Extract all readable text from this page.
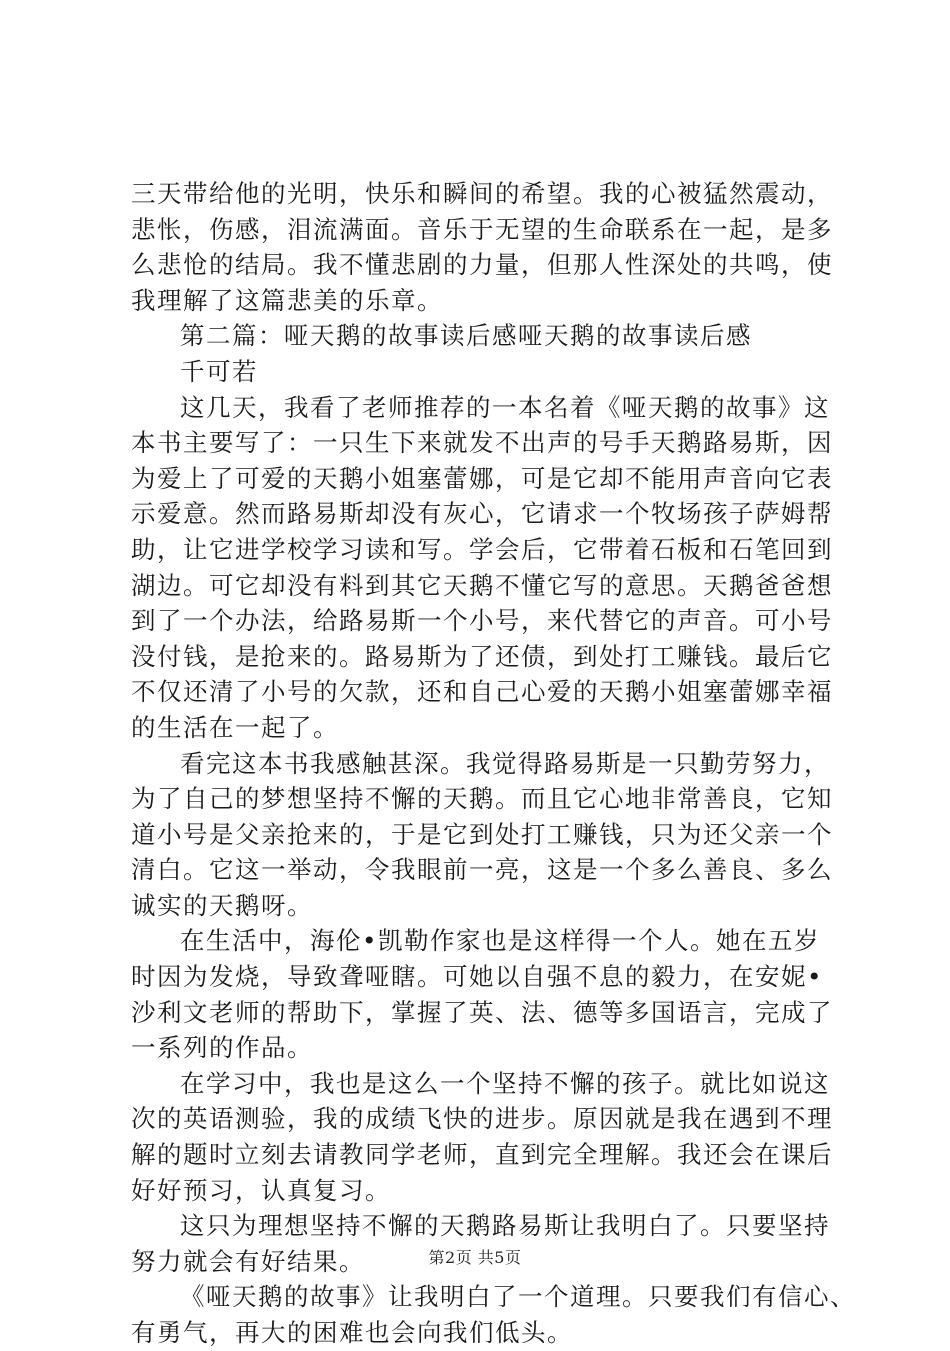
三天带给他的光明，快乐和瞬间的希望。我的心被猛然震动，
悲怅，伤感，泪流满面。音乐于无望的生命联系在一起，是多
么悲怆的结局。我不懂悲剧的力量，但那人性深处的共鸣，使
我理解了这篇悲美的乐章。
第二篇：哑天鹅的故事读后感哑天鹅的故事读后感
千可若
这几天，我看了老师推荐的一本名着《哑天鹅的故事》这
本书主要写了：一只生下来就发不出声的号手天鹅路易斯，因
为爱上了可爱的天鹅小姐塞蕾娜，可是它却不能用声音向它表
示爱意。然而路易斯却没有灰心，它请求一个牧场孩子萨姆帮
助，让它进学校学习读和写。学会后，它带着石板和石笔回到
湖边。可它却没有料到其它天鹅不懂它写的意思。天鹅爸爸想
到了一个办法，给路易斯一个小号，来代替它的声音。可小号
没付钱，是抢来的。路易斯为了还债，到处打工赚钱。最后它
不仅还清了小号的欠款，还和自己心爱的天鹅小姐塞蕾娜幸福
的生活在一起了。
看完这本书我感触甚深。我觉得路易斯是一只勤劳努力，
为了自己的梦想坚持不懈的天鹅。而且它心地非常善良，它知
道小号是父亲抢来的，于是它到处打工赚钱，只为还父亲一个
清白。它这一举动，令我眼前一亮，这是一个多么善良、多么
诚实的天鹅呀。
在生活中，海伦•凯勒作家也是这样得一个人。她在五岁
时因为发烧，导致聋哑瞎。可她以自强不息的毅力，在安妮•
沙利文老师的帮助下，掌握了英、法、德等多国语言，完成了
一系列的作品。
在学习中，我也是这么一个坚持不懈的孩子。就比如说这
次的英语测验，我的成绩飞快的进步。原因就是我在遇到不理
解的题时立刻去请教同学老师，直到完全理解。我还会在课后
好好预习，认真复习。
这只为理想坚持不懈的天鹅路易斯让我明白了。只要坚持
努力就会有好结果。
《哑天鹅的故事》让我明白了一个道理。只要我们有信心、
有勇气，再大的困难也会向我们低头。
第2页 共5页
